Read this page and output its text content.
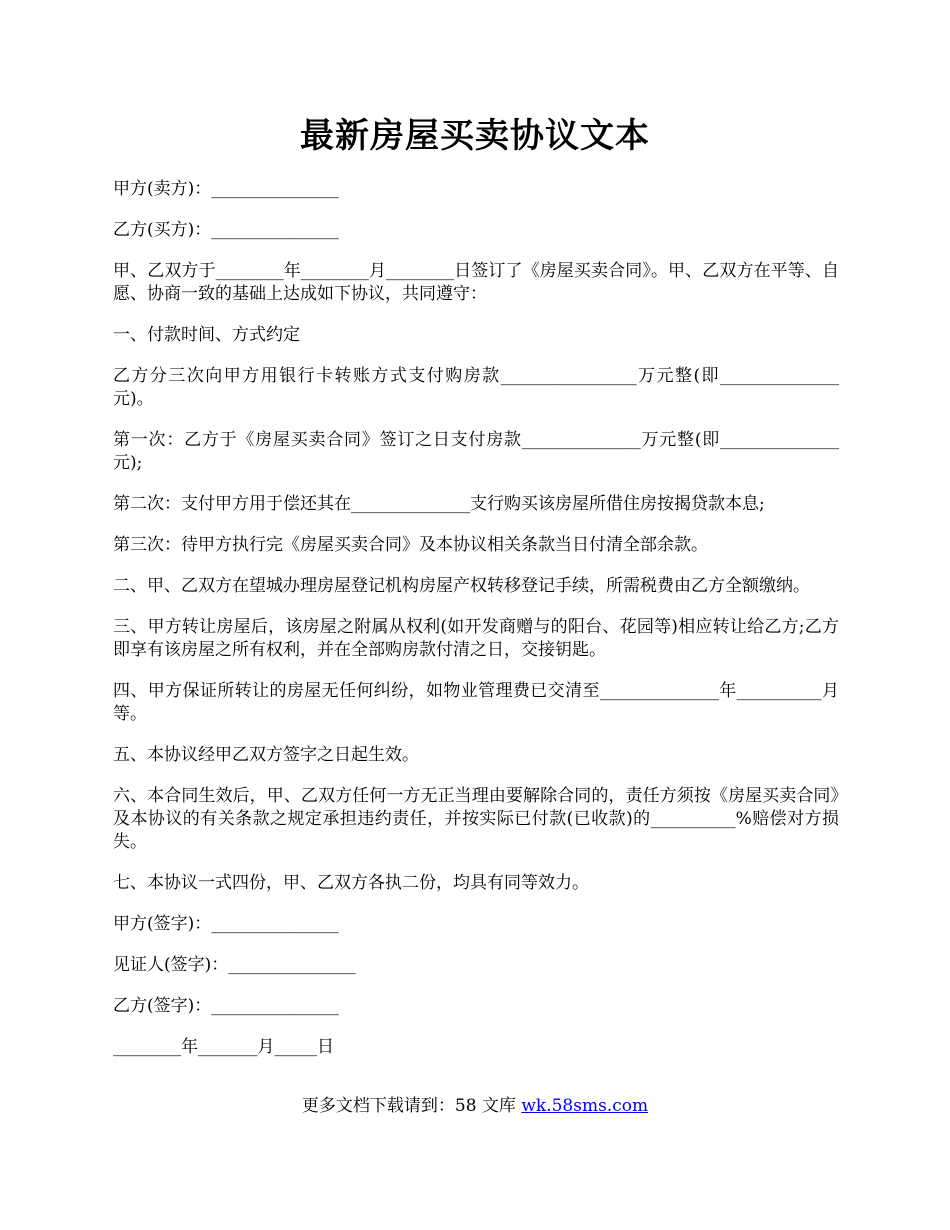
最新房屋买卖协议文本

甲方(卖方)：_______________

乙方(买方)：_______________

甲、乙双方于________年________月________日签订了《房屋买卖合同》。甲、乙双方在平等、自愿、协商一致的基础上达成如下协议，共同遵守：

一、付款时间、方式约定

乙方分三次向甲方用银行卡转账方式支付购房款________________万元整(即______________元)。

第一次：乙方于《房屋买卖合同》签订之日支付房款______________万元整(即______________元);

第二次：支付甲方用于偿还其在______________支行购买该房屋所借住房按揭贷款本息;

第三次：待甲方执行完《房屋买卖合同》及本协议相关条款当日付清全部余款。

二、甲、乙双方在望城办理房屋登记机构房屋产权转移登记手续，所需税费由乙方全额缴纳。

三、甲方转让房屋后，该房屋之附属从权利(如开发商赠与的阳台、花园等)相应转让给乙方;乙方即享有该房屋之所有权利，并在全部购房款付清之日，交接钥匙。

四、甲方保证所转让的房屋无任何纠纷，如物业管理费已交清至______________年__________月等。

五、本协议经甲乙双方签字之日起生效。

六、本合同生效后，甲、乙双方任何一方无正当理由要解除合同的，责任方须按《房屋买卖合同》及本协议的有关条款之规定承担违约责任，并按实际已付款(已收款)的__________%赔偿对方损失。

七、本协议一式四份，甲、乙双方各执二份，均具有同等效力。

甲方(签字)：_______________

见证人(签字)：_______________

乙方(签字)：_______________

________年_______月_____日

更多文档下载请到：58 文库 wk.58sms.com
